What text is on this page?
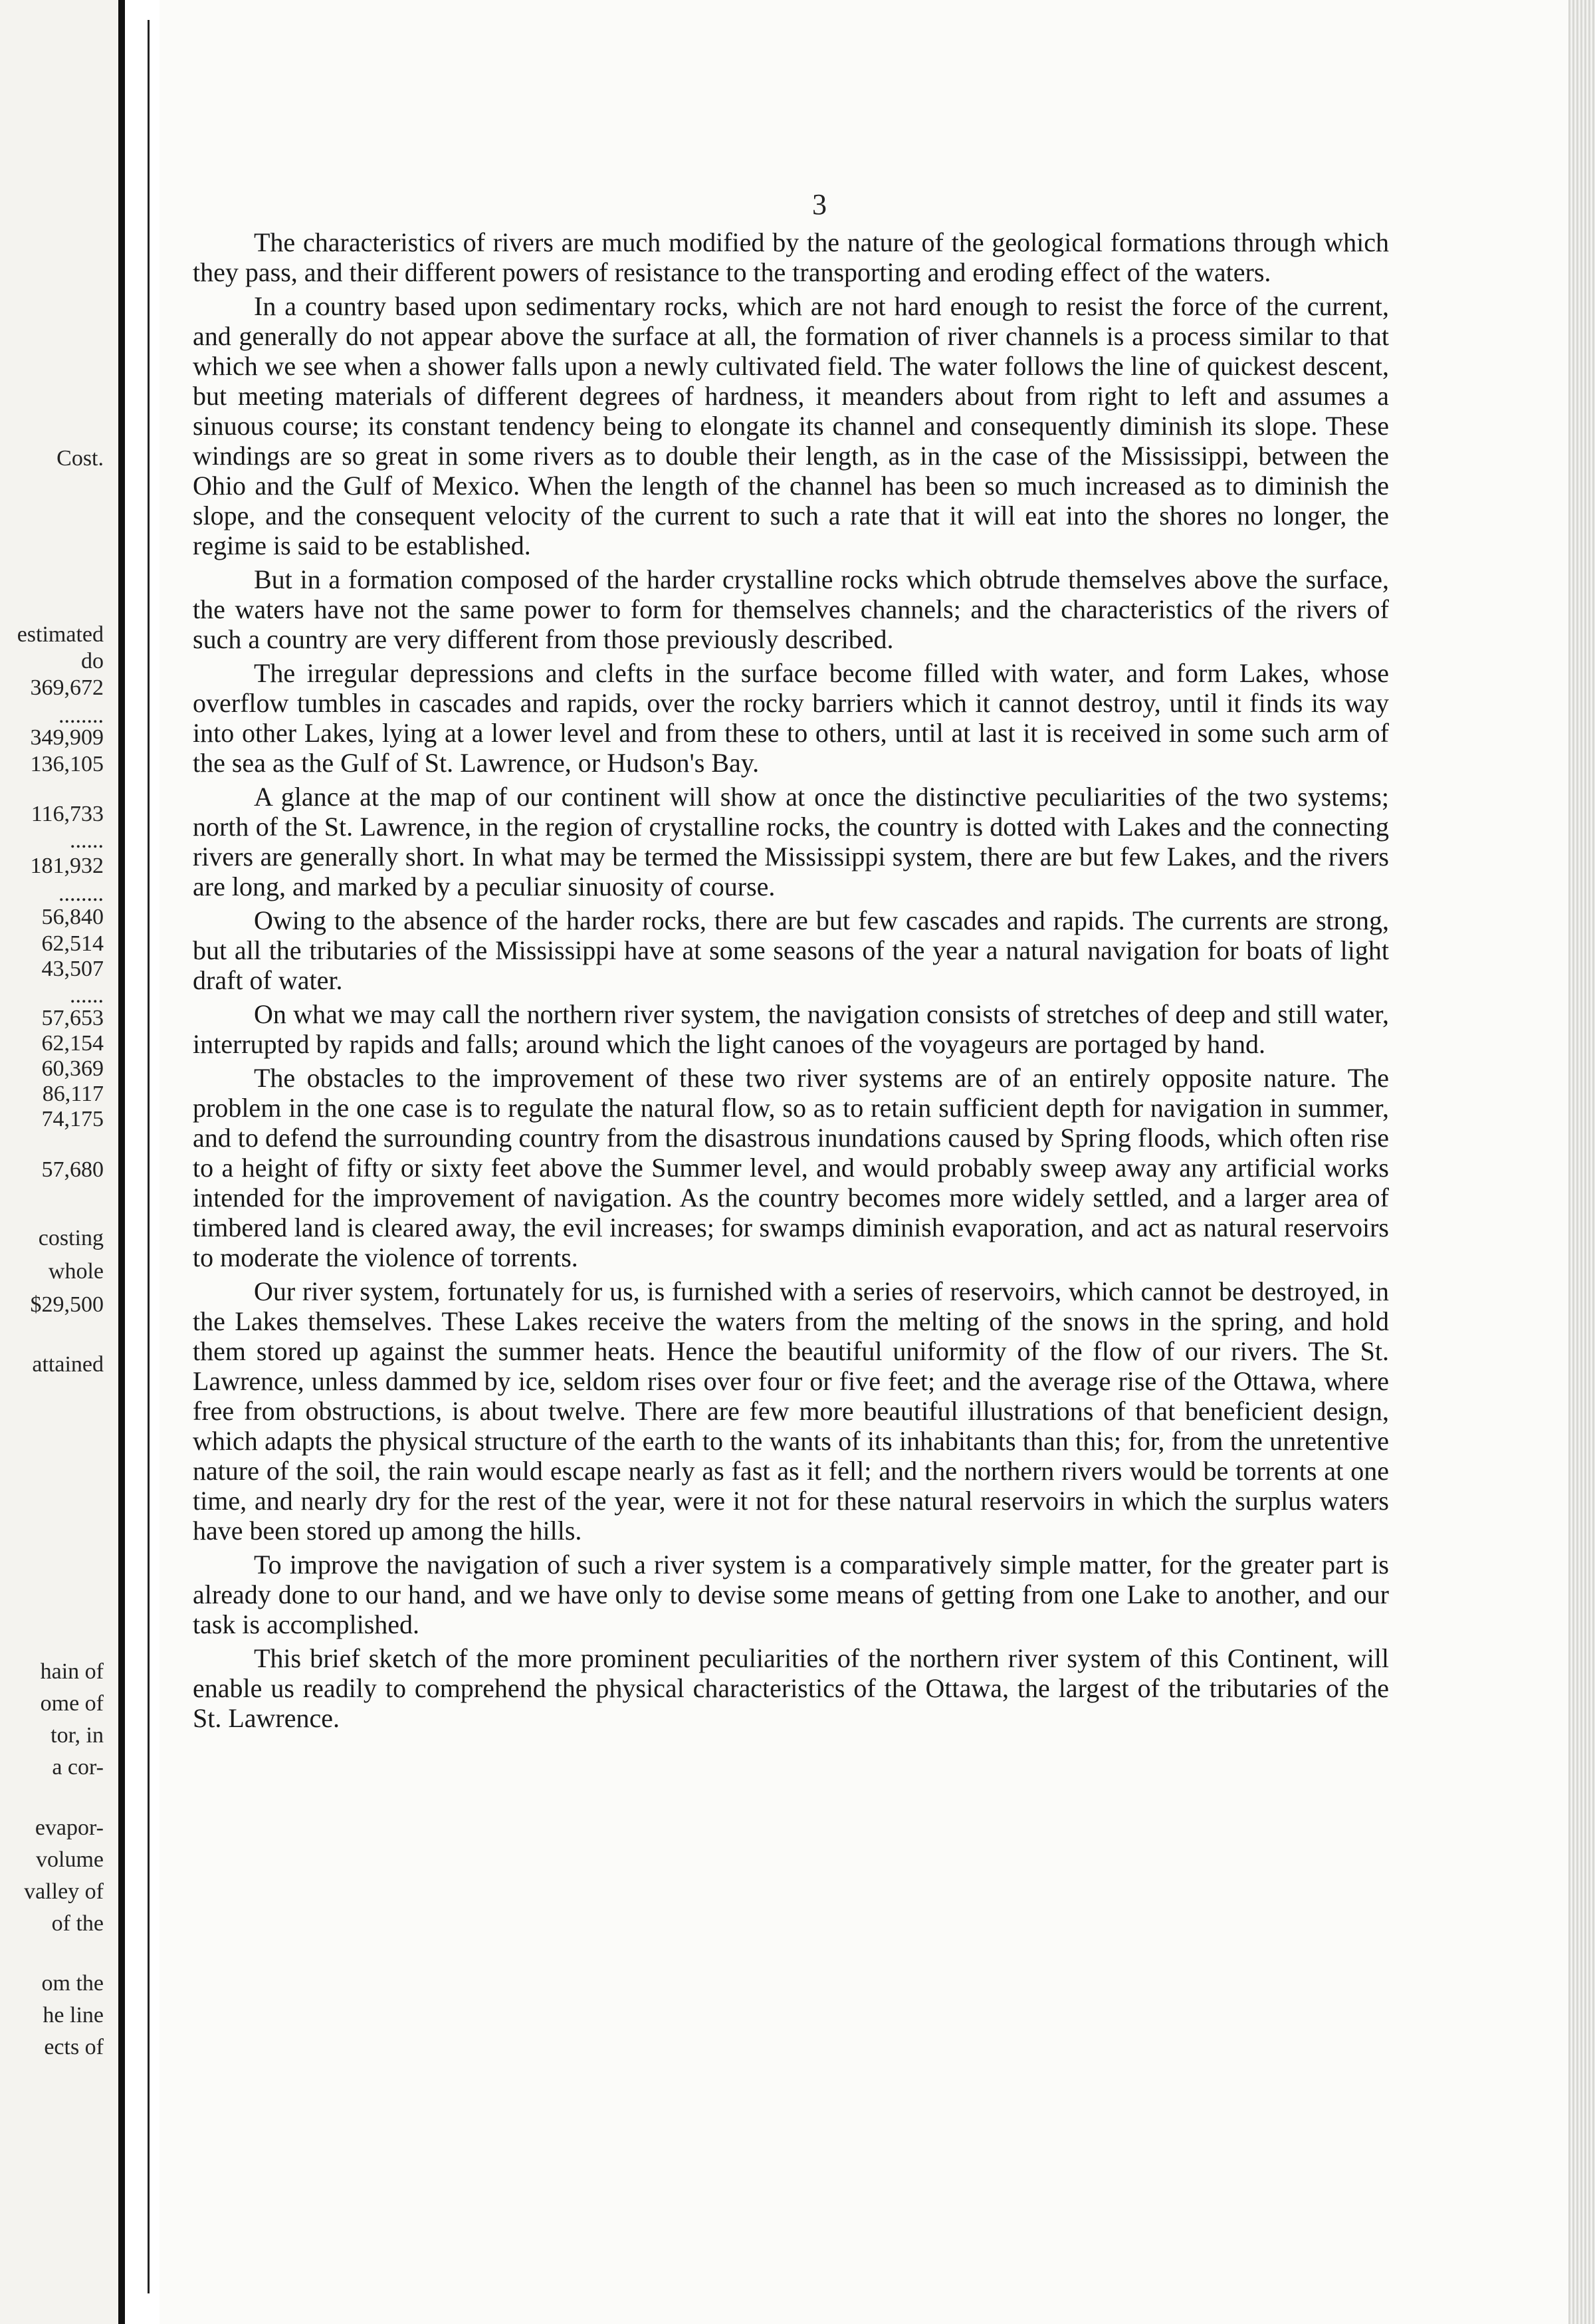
Cost.
estimated
do
369,672
........
349,909
136,105
116,733
......
181,932
........
56,840
62,514
43,507
......
57,653
62,154
60,369
86,117
74,175
57,680
costing
whole
$29,500
attained
hain of
ome of
tor, in
a cor-
evapor-
volume
valley of
of the
om the
he line
ects of
3

The characteristics of rivers are much modified by the nature of the geological formations through which they pass, and their different powers of resistance to the transporting and eroding effect of the waters.

In a country based upon sedimentary rocks, which are not hard enough to resist the force of the current, and generally do not appear above the surface at all, the formation of river channels is a process similar to that which we see when a shower falls upon a newly cultivated field. The water follows the line of quickest descent, but meeting materials of different degrees of hardness, it meanders about from right to left and assumes a sinuous course; its constant tendency being to elongate its channel and consequently diminish its slope. These windings are so great in some rivers as to double their length, as in the case of the Mississippi, between the Ohio and the Gulf of Mexico. When the length of the channel has been so much increased as to diminish the slope, and the consequent velocity of the current to such a rate that it will eat into the shores no longer, the regime is said to be established.

But in a formation composed of the harder crystalline rocks which obtrude themselves above the surface, the waters have not the same power to form for themselves channels; and the characteristics of the rivers of such a country are very different from those previously described.

The irregular depressions and clefts in the surface become filled with water, and form Lakes, whose overflow tumbles in cascades and rapids, over the rocky barriers which it cannot destroy, until it finds its way into other Lakes, lying at a lower level and from these to others, until at last it is received in some such arm of the sea as the Gulf of St. Lawrence, or Hudson's Bay.

A glance at the map of our continent will show at once the distinctive peculiarities of the two systems; north of the St. Lawrence, in the region of crystalline rocks, the country is dotted with Lakes and the connecting rivers are generally short. In what may be termed the Mississippi system, there are but few Lakes, and the rivers are long, and marked by a peculiar sinuosity of course.

Owing to the absence of the harder rocks, there are but few cascades and rapids. The currents are strong, but all the tributaries of the Mississippi have at some seasons of the year a natural navigation for boats of light draft of water.

On what we may call the northern river system, the navigation consists of stretches of deep and still water, interrupted by rapids and falls; around which the light canoes of the voyageurs are portaged by hand.

The obstacles to the improvement of these two river systems are of an entirely opposite nature. The problem in the one case is to regulate the natural flow, so as to retain sufficient depth for navigation in summer, and to defend the surrounding country from the disastrous inundations caused by Spring floods, which often rise to a height of fifty or sixty feet above the Summer level, and would probably sweep away any artificial works intended for the improvement of navigation. As the country becomes more widely settled, and a larger area of timbered land is cleared away, the evil increases; for swamps diminish evaporation, and act as natural reservoirs to moderate the violence of torrents.

Our river system, fortunately for us, is furnished with a series of reservoirs, which cannot be destroyed, in the Lakes themselves. These Lakes receive the waters from the melting of the snows in the spring, and hold them stored up against the summer heats. Hence the beautiful uniformity of the flow of our rivers. The St. Lawrence, unless dammed by ice, seldom rises over four or five feet; and the average rise of the Ottawa, where free from obstructions, is about twelve. There are few more beautiful illustrations of that beneficient design, which adapts the physical structure of the earth to the wants of its inhabitants than this; for, from the unretentive nature of the soil, the rain would escape nearly as fast as it fell; and the northern rivers would be torrents at one time, and nearly dry for the rest of the year, were it not for these natural reservoirs in which the surplus waters have been stored up among the hills.

To improve the navigation of such a river system is a comparatively simple matter, for the greater part is already done to our hand, and we have only to devise some means of getting from one Lake to another, and our task is accomplished.

This brief sketch of the more prominent peculiarities of the northern river system of this Continent, will enable us readily to comprehend the physical characteristics of the Ottawa, the largest of the tributaries of the St. Lawrence.
